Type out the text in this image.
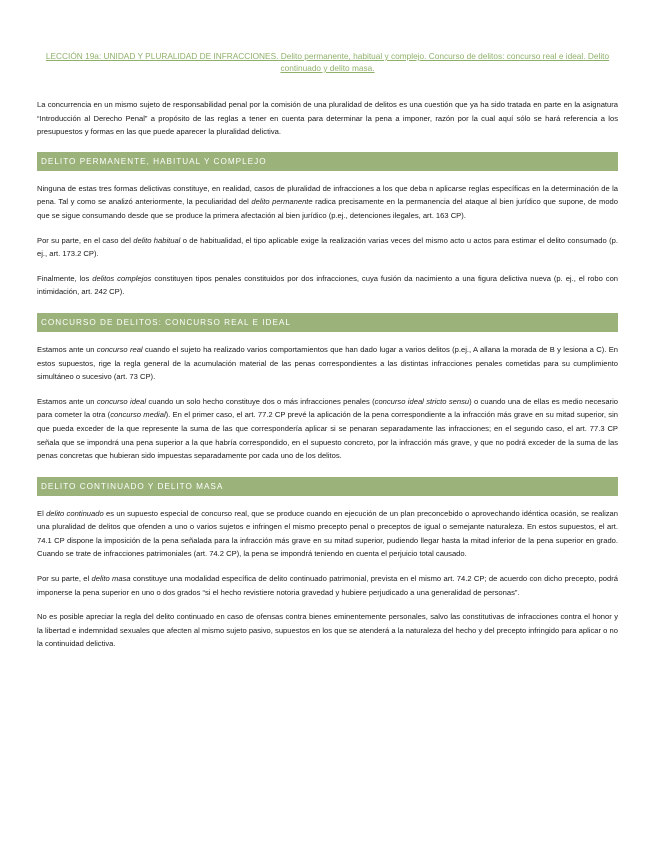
LECCIÓN 19a: UNIDAD Y PLURALIDAD DE INFRACCIONES. Delito permanente, habitual y complejo. Concurso de delitos: concurso real e ideal. Delito continuado y delito masa.

La concurrencia en un mismo sujeto de responsabilidad penal por la comisión de una pluralidad de delitos es una cuestión que ya ha sido tratada en parte en la asignatura “Introducción al Derecho Penal” a propósito de las reglas a tener en cuenta para determinar la pena a imponer, razón por la cual aquí sólo se hará referencia a los presupuestos y formas en las que puede aparecer la pluralidad delictiva.

DELITO PERMANENTE, HABITUAL Y COMPLEJO

Ninguna de estas tres formas delictivas constituye, en realidad, casos de pluralidad de infracciones a los que deba n aplicarse reglas específicas en la determinación de la pena. Tal y como se analizó anteriormente, la peculiaridad del delito permanente radica precisamente en la permanencia del ataque al bien jurídico que supone, de modo que se sigue consumando desde que se produce la primera afectación al bien jurídico (p.ej., detenciones ilegales, art. 163 CP).

Por su parte, en el caso del delito habitual o de habitualidad, el tipo aplicable exige la realización varias veces del mismo acto u actos para estimar el delito consumado (p. ej., art. 173.2 CP).

Finalmente, los delitos complejos constituyen tipos penales constituidos por dos infracciones, cuya fusión da nacimiento a una figura delictiva nueva (p. ej., el robo con intimidación, art. 242 CP).

CONCURSO DE DELITOS: CONCURSO REAL E IDEAL

Estamos ante un concurso real cuando el sujeto ha realizado varios comportamientos que han dado lugar a varios delitos (p.ej., A allana la morada de B y lesiona a C). En estos supuestos, rige la regla general de la acumulación material de las penas correspondientes a las distintas infracciones penales cometidas para su cumplimiento simultáneo o sucesivo (art. 73 CP).

Estamos ante un concurso ideal cuando un solo hecho constituye dos o más infracciones penales (concurso ideal stricto sensu) o cuando una de ellas es medio necesario para cometer la otra (concurso medial). En el primer caso, el art. 77.2 CP prevé la aplicación de la pena correspondiente a la infracción más grave en su mitad superior, sin que pueda exceder de la que represente la suma de las que correspondería aplicar si se penaran separadamente las infracciones; en el segundo caso, el art. 77.3 CP señala que se impondrá una pena superior a la que habría correspondido, en el supuesto concreto, por la infracción más grave, y que no podrá exceder de la suma de las penas concretas que hubieran sido impuestas separadamente por cada uno de los delitos.

DELITO CONTINUADO Y DELITO MASA

El delito continuado es un supuesto especial de concurso real, que se produce cuando en ejecución de un plan preconcebido o aprovechando idéntica ocasión, se realizan una pluralidad de delitos que ofenden a uno o varios sujetos e infringen el mismo precepto penal o preceptos de igual o semejante naturaleza. En estos supuestos, el art. 74.1 CP dispone la imposición de la pena señalada para la infracción más grave en su mitad superior, pudiendo llegar hasta la mitad inferior de la pena superior en grado. Cuando se trate de infracciones patrimoniales (art. 74.2 CP), la pena se impondrá teniendo en cuenta el perjuicio total causado.

Por su parte, el delito masa constituye una modalidad específica de delito continuado patrimonial, prevista en el mismo art. 74.2 CP; de acuerdo con dicho precepto, podrá imponerse la pena superior en uno o dos grados “si el hecho revistiere notoria gravedad y hubiere perjudicado a una generalidad de personas”.

No es posible apreciar la regla del delito continuado en caso de ofensas contra bienes eminentemente personales, salvo las constitutivas de infracciones contra el honor y la libertad e indemnidad sexuales que afecten al mismo sujeto pasivo, supuestos en los que se atenderá a la naturaleza del hecho y del precepto infringido para aplicar o no la continuidad delictiva.
